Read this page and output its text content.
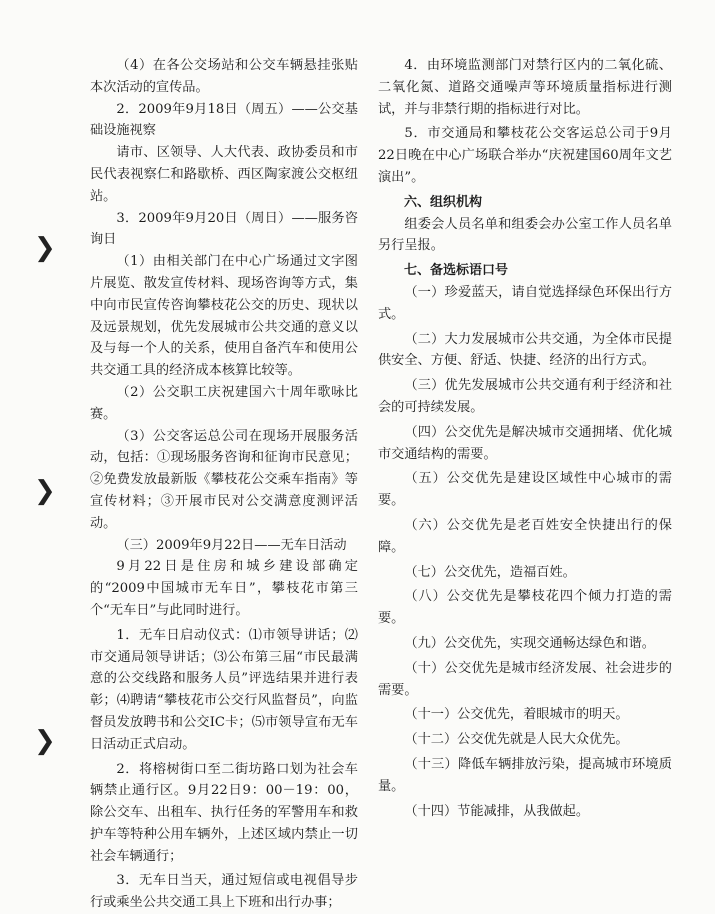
❯
❯
❯

（4）在各公交场站和公交车辆悬挂张贴本次活动的宣传品。

2．2009年9月18日（周五）——公交基础设施视察

请市、区领导、人大代表、政协委员和市民代表视察仁和路歇桥、西区陶家渡公交枢纽站。

3．2009年9月20日（周日）——服务咨询日

（1）由相关部门在中心广场通过文字图片展览、散发宣传材料、现场咨询等方式，集中向市民宣传咨询攀枝花公交的历史、现状以及远景规划，优先发展城市公共交通的意义以及与每一个人的关系，使用自备汽车和使用公共交通工具的经济成本核算比较等。

（2）公交职工庆祝建国六十周年歌咏比赛。

（3）公交客运总公司在现场开展服务活动，包括：①现场服务咨询和征询市民意见；②免费发放最新版《攀枝花公交乘车指南》等宣传材料；③开展市民对公交满意度测评活动。

（三）2009年9月22日——无车日活动

9月22日是住房和城乡建设部确定的“2009中国城市无车日”，攀枝花市第三个“无车日”与此同时进行。

1．无车日启动仪式：⑴市领导讲话；⑵市交通局领导讲话；⑶公布第三届“市民最满意的公交线路和服务人员”评选结果并进行表彰；⑷聘请“攀枝花市公交行风监督员”，向监督员发放聘书和公交IC卡；⑸市领导宣布无车日活动正式启动。

2．将榕树街口至二街坊路口划为社会车辆禁止通行区。9月22日9：00－19：00，除公交车、出租车、执行任务的军警用车和救护车等特种公用车辆外，上述区域内禁止一切社会车辆通行；

3．无车日当天，通过短信或电视倡导步行或乘坐公共交通工具上下班和出行办事；

4．由环境监测部门对禁行区内的二氧化硫、二氧化氮、道路交通噪声等环境质量指标进行测试，并与非禁行期的指标进行对比。

5．市交通局和攀枝花公交客运总公司于9月22日晚在中心广场联合举办“庆祝建国60周年文艺演出”。

六、组织机构

组委会人员名单和组委会办公室工作人员名单另行呈报。

七、备选标语口号

（一）珍爱蓝天，请自觉选择绿色环保出行方式。

（二）大力发展城市公共交通，为全体市民提供安全、方便、舒适、快捷、经济的出行方式。

（三）优先发展城市公共交通有利于经济和社会的可持续发展。

（四）公交优先是解决城市交通拥堵、优化城市交通结构的需要。

（五）公交优先是建设区域性中心城市的需要。

（六）公交优先是老百姓安全快捷出行的保障。

（七）公交优先，造福百姓。

（八）公交优先是攀枝花四个倾力打造的需要。

（九）公交优先，实现交通畅达绿色和谐。

（十）公交优先是城市经济发展、社会进步的需要。

（十一）公交优先，着眼城市的明天。

（十二）公交优先就是人民大众优先。

（十三）降低车辆排放污染，提高城市环境质量。

（十四）节能减排，从我做起。
